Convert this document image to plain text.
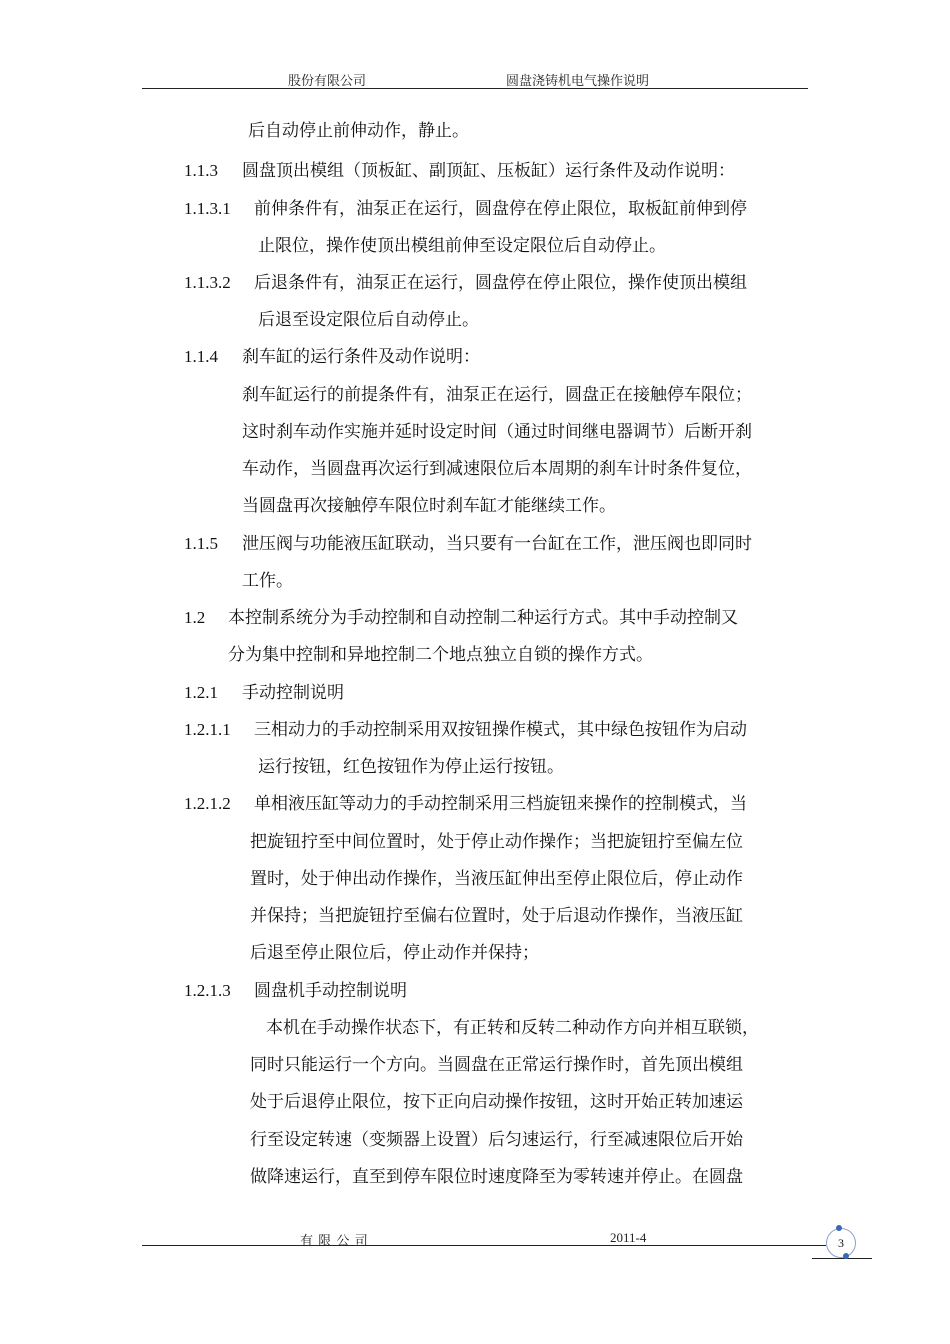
股份有限公司	圆盘浇铸机电气操作说明
后自动停止前伸动作，静止。
1.1.3 圆盘顶出模组（顶板缸、副顶缸、压板缸）运行条件及动作说明：
1.1.3.1 前伸条件有，油泵正在运行，圆盘停在停止限位，取板缸前伸到停
止限位，操作使顶出模组前伸至设定限位后自动停止。
1.1.3.2 后退条件有，油泵正在运行，圆盘停在停止限位，操作使顶出模组
后退至设定限位后自动停止。
1.1.4 刹车缸的运行条件及动作说明：
刹车缸运行的前提条件有，油泵正在运行，圆盘正在接触停车限位；
这时刹车动作实施并延时设定时间（通过时间继电器调节）后断开刹
车动作，当圆盘再次运行到减速限位后本周期的刹车计时条件复位，
当圆盘再次接触停车限位时刹车缸才能继续工作。
1.1.5 泄压阀与功能液压缸联动，当只要有一台缸在工作，泄压阀也即同时
工作。
1.2 本控制系统分为手动控制和自动控制二种运行方式。其中手动控制又
分为集中控制和异地控制二个地点独立自锁的操作方式。
1.2.1 手动控制说明
1.2.1.1 三相动力的手动控制采用双按钮操作模式，其中绿色按钮作为启动
运行按钮，红色按钮作为停止运行按钮。
1.2.1.2 单相液压缸等动力的手动控制采用三档旋钮来操作的控制模式，当
把旋钮拧至中间位置时，处于停止动作操作；当把旋钮拧至偏左位
置时，处于伸出动作操作，当液压缸伸出至停止限位后，停止动作
并保持；当把旋钮拧至偏右位置时，处于后退动作操作，当液压缸
后退至停止限位后，停止动作并保持；
1.2.1.3 圆盘机手动控制说明
本机在手动操作状态下，有正转和反转二种动作方向并相互联锁，
同时只能运行一个方向。当圆盘在正常运行操作时，首先顶出模组
处于后退停止限位，按下正向启动操作按钮，这时开始正转加速运
行至设定转速（变频器上设置）后匀速运行，行至减速限位后开始
做降速运行，直至到停车限位时速度降至为零转速并停止。在圆盘
有 限 公 司	2011-4	3
